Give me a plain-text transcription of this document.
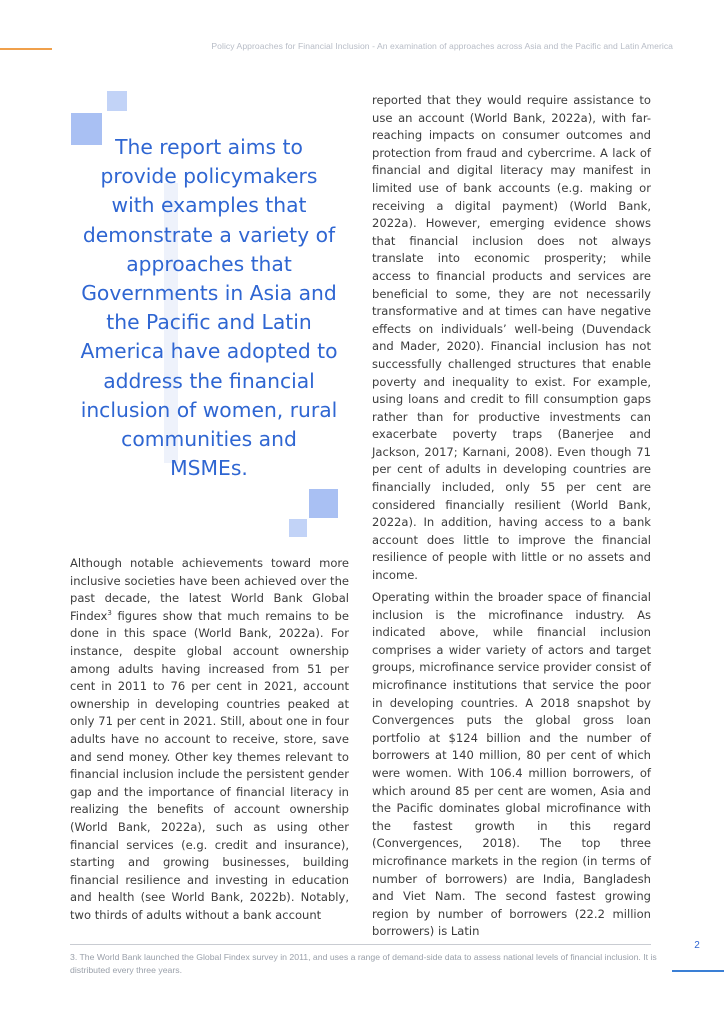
Policy Approaches for Financial Inclusion - An examination of approaches across Asia and the Pacific and Latin America
The report aims to provide policymakers with examples that demonstrate a variety of approaches that Governments in Asia and the Pacific and Latin America have adopted to address the financial inclusion of women, rural communities and MSMEs.
Although notable achievements toward more inclusive societies have been achieved over the past decade, the latest World Bank Global Findex$^3$ figures show that much remains to be done in this space (World Bank, 2022a). For instance, despite global account ownership among adults having increased from 51 per cent in 2011 to 76 per cent in 2021, account ownership in developing countries peaked at only 71 per cent in 2021. Still, about one in four adults have no account to receive, store, save and send money. Other key themes relevant to financial inclusion include the persistent gender gap and the importance of financial literacy in realizing the benefits of account ownership (World Bank, 2022a), such as using other financial services (e.g. credit and insurance), starting and growing businesses, building financial resilience and investing in education and health (see World Bank, 2022b). Notably, two thirds of adults without a bank account
reported that they would require assistance to use an account (World Bank, 2022a), with far-reaching impacts on consumer outcomes and protection from fraud and cybercrime. A lack of financial and digital literacy may manifest in limited use of bank accounts (e.g. making or receiving a digital payment) (World Bank, 2022a). However, emerging evidence shows that financial inclusion does not always translate into economic prosperity; while access to financial products and services are beneficial to some, they are not necessarily transformative and at times can have negative effects on individuals’ well-being (Duvendack and Mader, 2020). Financial inclusion has not successfully challenged structures that enable poverty and inequality to exist. For example, using loans and credit to fill consumption gaps rather than for productive investments can exacerbate poverty traps (Banerjee and Jackson, 2017; Karnani, 2008). Even though 71 per cent of adults in developing countries are financially included, only 55 per cent are considered financially resilient (World Bank, 2022a). In addition, having access to a bank account does little to improve the financial resilience of people with little or no assets and income.
Operating within the broader space of financial inclusion is the microfinance industry. As indicated above, while financial inclusion comprises a wider variety of actors and target groups, microfinance service provider consist of microfinance institutions that service the poor in developing countries. A 2018 snapshot by Convergences puts the global gross loan portfolio at $124 billion and the number of borrowers at 140 million, 80 per cent of which were women. With 106.4 million borrowers, of which around 85 per cent are women, Asia and the Pacific dominates global microfinance with the fastest growth in this regard (Convergences, 2018). The top three microfinance markets in the region (in terms of number of borrowers) are India, Bangladesh and Viet Nam. The second fastest growing region by number of borrowers (22.2 million borrowers) is Latin
3. The World Bank launched the Global Findex survey in 2011, and uses a range of demand-side data to assess national levels of financial inclusion. It is distributed every three years.
2
